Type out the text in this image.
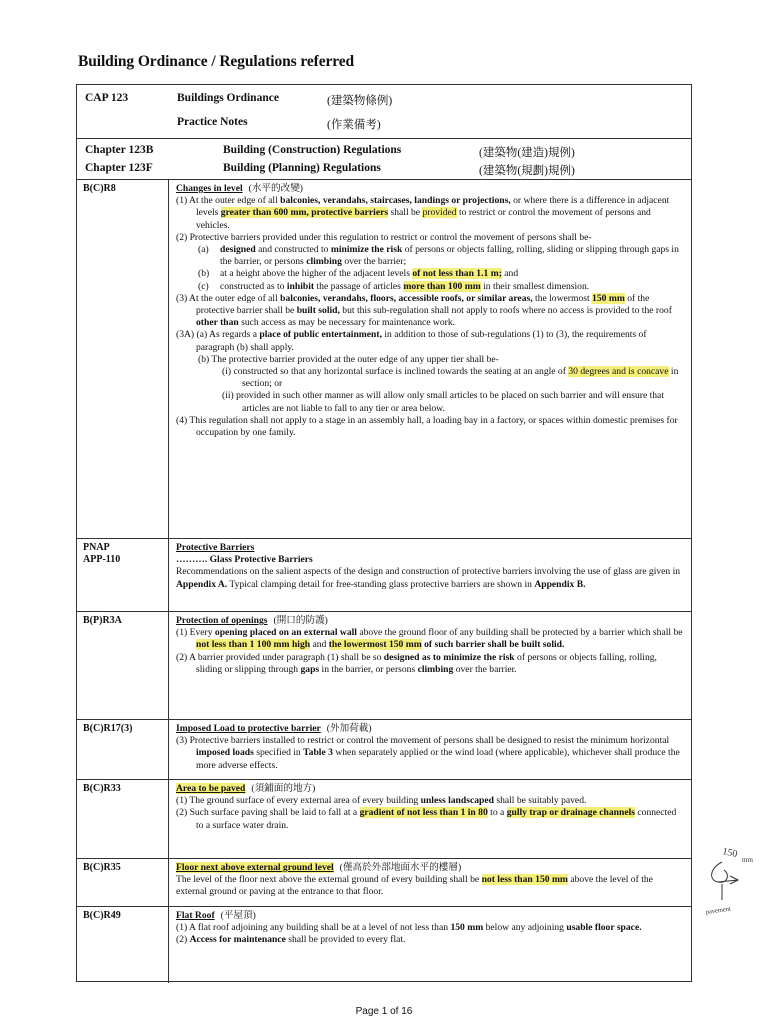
Building Ordinance / Regulations referred
CAP 123	Buildings Ordinance	(建築物條例)
Practice Notes	(作業備考)
Chapter 123B	Building (Construction) Regulations	(建築物(建造)規例)
Chapter 123F	Building (Planning) Regulations	(建築物(規劃)規例)
B(C)R8	Changes in level (水平的改變)

(1) At the outer edge of all balconies, verandahs, staircases, landings or projections, or where there is a difference in adjacent levels greater than 600 mm, protective barriers shall be provided to restrict or control the movement of persons and vehicles.

(2) Protective barriers provided under this regulation to restrict or control the movement of persons shall be-

(a) designed and constructed to minimize the risk of persons or objects falling, rolling, sliding or slipping through gaps in the barrier, or persons climbing over the barrier;

(b) at a height above the higher of the adjacent levels of not less than 1.1 m; and

(c) constructed as to inhibit the passage of articles more than 100 mm in their smallest dimension.

(3) At the outer edge of all balconies, verandahs, floors, accessible roofs, or similar areas, the lowermost 150 mm of the protective barrier shall be built solid, but this sub-regulation shall not apply to roofs where no access is provided to the roof other than such access as may be necessary for maintenance work.

(3A) (a) As regards a place of public entertainment, in addition to those of sub-regulations (1) to (3), the requirements of paragraph (b) shall apply.

(b) The protective barrier provided at the outer edge of any upper tier shall be-

(i) constructed so that any horizontal surface is inclined towards the seating at an angle of 30 degrees and is concave in section; or

(ii) provided in such other manner as will allow only small articles to be placed on such barrier and will ensure that articles are not liable to fall to any tier or area below.

(4) This regulation shall not apply to a stage in an assembly hall, a loading bay in a factory, or spaces within domestic premises for occupation by one family.

PNAP
APP-110

Protective Barriers

………. Glass Protective Barriers

Recommendations on the salient aspects of the design and construction of protective barriers involving the use of glass are given in Appendix A. Typical clamping detail for free-standing glass protective barriers are shown in Appendix B.

B(P)R3A	Protection of openings (開口的防護)

(1) Every opening placed on an external wall above the ground floor of any building shall be protected by a barrier which shall be not less than 1 100 mm high and the lowermost 150 mm of such barrier shall be built solid.

(2) A barrier provided under paragraph (1) shall be so designed as to minimize the risk of persons or objects falling, rolling, sliding or slipping through gaps in the barrier, or persons climbing over the barrier.

B(C)R17(3)	Imposed Load to protective barrier (外加荷載)

(3) Protective barriers installed to restrict or control the movement of persons shall be designed to resist the minimum horizontal imposed loads specified in Table 3 when separately applied or the wind load (where applicable), whichever shall produce the more adverse effects.

B(C)R33	Area to be paved (須鋪面的地方)

(1) The ground surface of every external area of every building unless landscaped shall be suitably paved.

(2) Such surface paving shall be laid to fall at a gradient of not less than 1 in 80 to a gully trap or drainage channels connected to a surface water drain.

B(C)R35	Floor next above external ground level (僅高於外部地面水平的樓層)

The level of the floor next above the external ground of every building shall be not less than 150 mm above the level of the external ground or paving at the entrance to that floor.

B(C)R49	Flat Roof (平屋頂)

(1) A flat roof adjoining any building shall be at a level of not less than 150 mm below any adjoining usable floor space.

(2) Access for maintenance shall be provided to every flat.

150 mm
pavement
Page 1 of 16
